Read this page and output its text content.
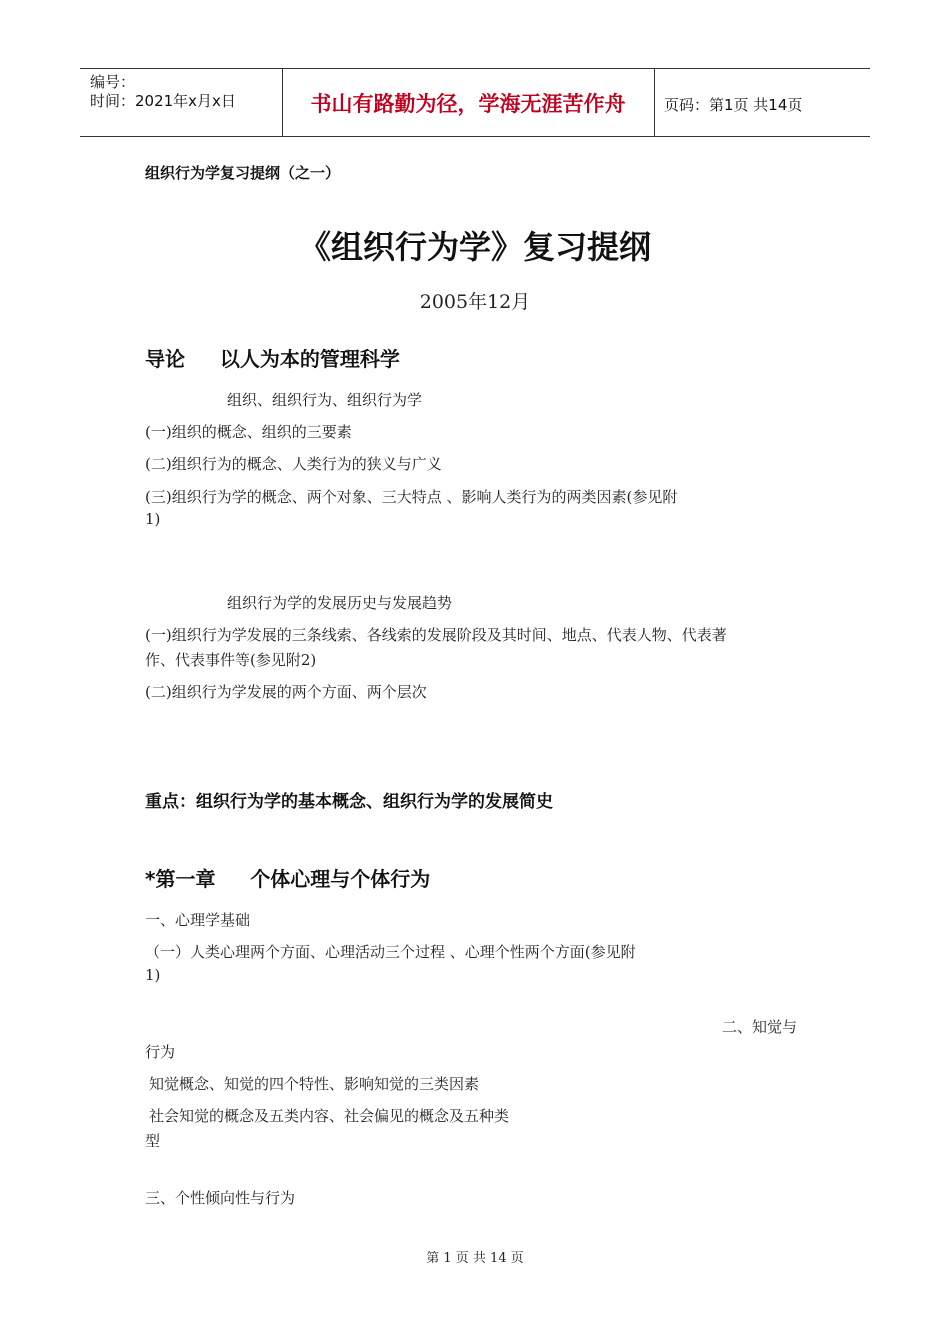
编号：
时间：2021年x月x日	书山有路勤为径，学海无涯苦作舟	页码：第1页 共14页
组织行为学复习提纲（之一）
《组织行为学》复习提纲
2005年12月
导论     以人为本的管理科学
组织、组织行为、组织行为学
(一)组织的概念、组织的三要素
(二)组织行为的概念、人类行为的狭义与广义
(三)组织行为学的概念、两个对象、三大特点 、影响人类行为的两类因素(参见附
1)
组织行为学的发展历史与发展趋势
(一)组织行为学发展的三条线索、各线索的发展阶段及其时间、地点、代表人物、代表著
作、代表事件等(参见附2)
(二)组织行为学发展的两个方面、两个层次
重点：组织行为学的基本概念、组织行为学的发展简史
*第一章     个体心理与个体行为
一、心理学基础
（一）人类心理两个方面、心理活动三个过程 、心理个性两个方面(参见附
1)
二、知觉与
行为
知觉概念、知觉的四个特性、影响知觉的三类因素
社会知觉的概念及五类内容、社会偏见的概念及五种类
型
三、个性倾向性与行为
第 1 页 共 14 页
